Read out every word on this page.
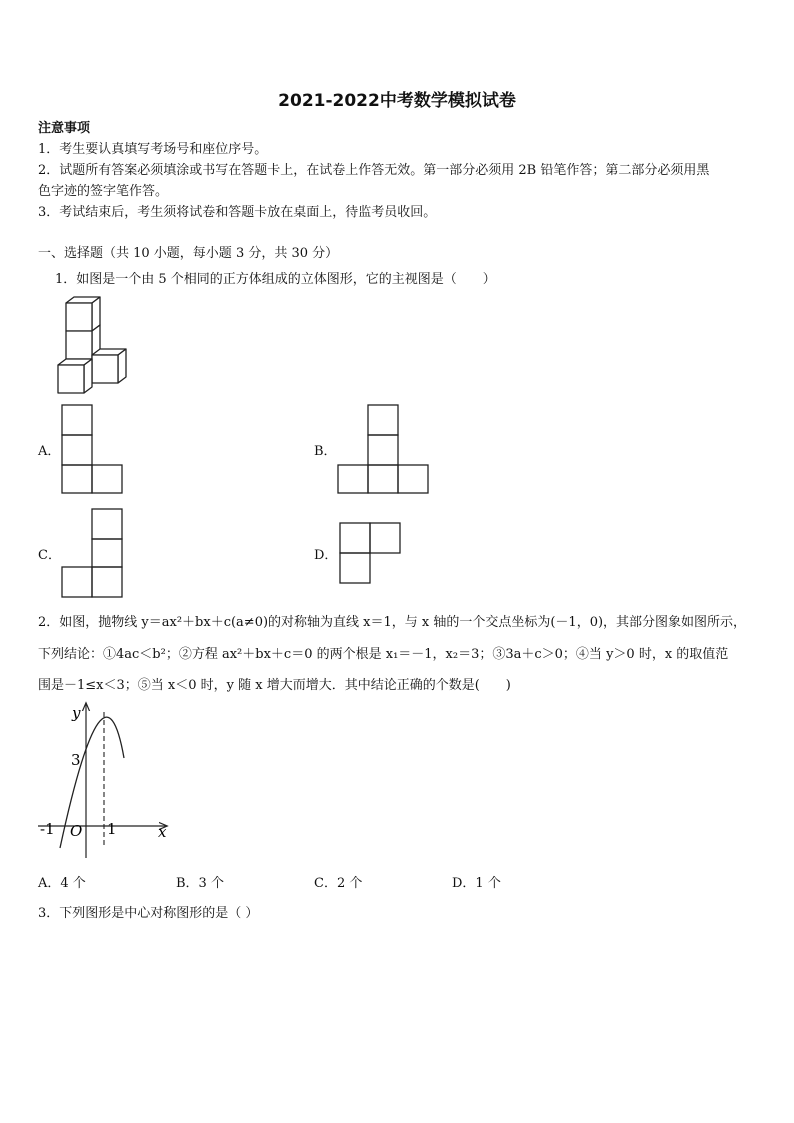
2021-2022中考数学模拟试卷
注意事项
1．考生要认真填写考场号和座位序号。
2．试题所有答案必须填涂或书写在答题卡上，在试卷上作答无效。第一部分必须用 2B 铅笔作答；第二部分必须用黑
色字迹的签字笔作答。
3．考试结束后，考生须将试卷和答题卡放在桌面上，待监考员收回。
一、选择题（共 10 小题，每小题 3 分，共 30 分）
1．如图是一个由 5 个相同的正方体组成的立体图形，它的主视图是（　　）
A．	B．
C．	D．
2．如图，抛物线 y＝ax²＋bx＋c(a≠0)的对称轴为直线 x＝1，与 x 轴的一个交点坐标为(－1，0)，其部分图象如图所示，
下列结论：①4ac＜b²；②方程 ax²＋bx＋c＝0 的两个根是 x₁＝－1，x₂＝3；③3a＋c＞0；④当 y＞0 时，x 的取值范
围是－1≤x＜3；⑤当 x＜0 时，y 随 x 增大而增大．其中结论正确的个数是(　　)
y
x
3
-1 O 1
A．4 个	B．3 个	C．2 个	D．1 个
3．下列图形是中心对称图形的是（ ）
